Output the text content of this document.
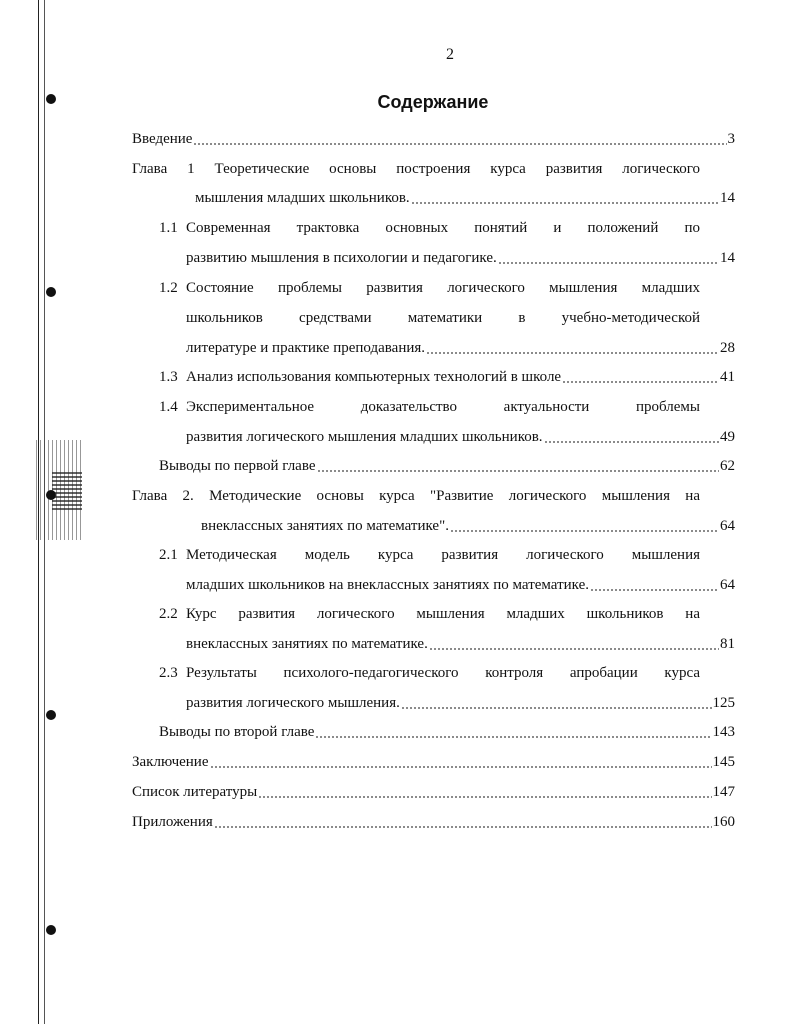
2
Содержание
Введение	3
Глава 1 Теоретические основы построения курса развития логического
мышления младших школьников.	14
1.1 Современная трактовка основных понятий и положений по
развитию мышления в психологии и педагогике.	14
1.2 Состояние проблемы развития логического мышления младших
школьников средствами математики в учебно-методической
литературе и практике преподавания.	28
1.3 Анализ использования компьютерных технологий в школе	41
1.4 Экспериментальное доказательство актуальности проблемы
развития логического мышления младших школьников.	49
Выводы по первой главе	62
Глава 2. Методические основы курса "Развитие логического мышления на
внеклассных занятиях по математике".	64
2.1 Методическая модель курса развития логического мышления
младших школьников на внеклассных занятиях по математике.	64
2.2 Курс развития логического мышления младших школьников на
внеклассных занятиях по математике.	81
2.3 Результаты психолого-педагогического контроля апробации курса
развития логического мышления.	125
Выводы по второй главе	143
Заключение	145
Список литературы	147
Приложения	160
